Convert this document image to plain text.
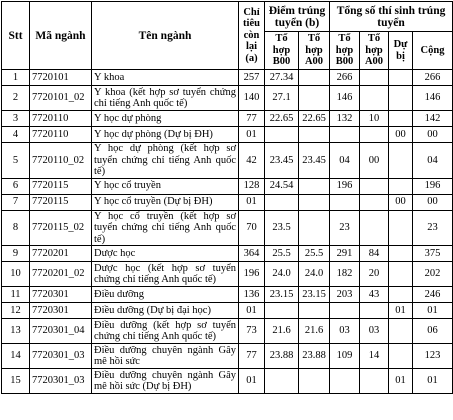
Stt	Mã ngành	Tên ngành	Chỉ tiêu còn lại (a)	Điểm trúng tuyển (b)		Tổng số thí sinh trúng tuyển			
				Tổ hợp B00	Tổ hợp A00	Tổ hợp B00	Tổ hợp A00	Dự bị	Cộng
1	7720101	Y khoa	257	27.34		266			266
2	7720101_02	Y khoa (kết hợp sơ tuyển chứng chỉ tiếng Anh quốc tế)	140	27.1		146			146
3	7720110	Y học dự phòng	77	22.65	22.65	132	10		142
4	7720110	Y học dự phòng (Dự bị ĐH)	01					00	00
5	7720110_02	Y học dự phòng (kết hợp sơ tuyển chứng chỉ tiếng Anh quốc tế)	42	23.45	23.45	04	00		04
6	7720115	Y học cổ truyền	128	24.54		196			196
7	7720115	Y học cổ truyền (Dự bị ĐH)	01					00	00
8	7720115_02	Y học cổ truyền (kết hợp sơ tuyển chứng chỉ tiếng Anh quốc tế)	70	23.5		23			23
9	7720201	Dược học	364	25.5	25.5	291	84		375
10	7720201_02	Dược học (kết hợp sơ tuyển chứng chỉ tiếng Anh quốc tế)	196	24.0	24.0	182	20		202
11	7720301	Điều dưỡng	136	23.15	23.15	203	43		246
12	7720301	Điều dưỡng (Dự bị đại học)	01					01	01
13	7720301_04	Điều dưỡng (kết hợp sơ tuyển chứng chỉ tiếng Anh quốc tế)	73	21.6	21.6	03	03		06
14	7720301_03	Điều dưỡng chuyên ngành Gây mê hồi sức	77	23.88	23.88	109	14		123
15	7720301_03	Điều dưỡng chuyên ngành Gây mê hồi sức (Dự bị ĐH)	01					01	01
